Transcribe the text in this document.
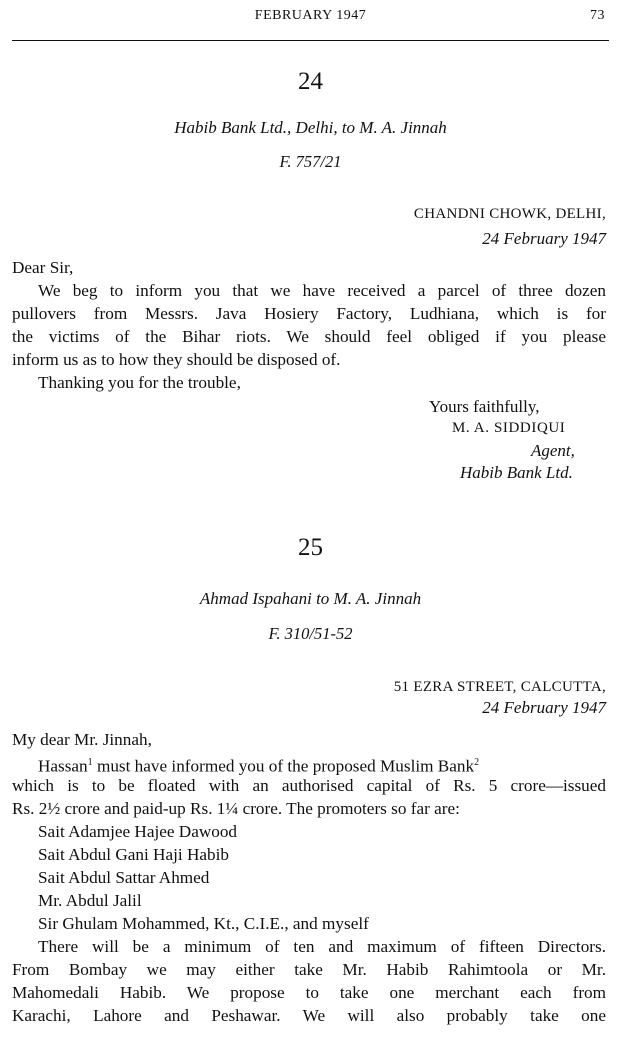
FEBRUARY 1947	73
24
Habib Bank Ltd., Delhi, to M. A. Jinnah
F. 757/21
CHANDNI CHOWK, DELHI,
24 February 1947
Dear Sir,
We beg to inform you that we have received a parcel of three dozen
pullovers from Messrs. Java Hosiery Factory, Ludhiana, which is for
the victims of the Bihar riots. We should feel obliged if you please
inform us as to how they should be disposed of.
Thanking you for the trouble,
Yours faithfully,
M. A. SIDDIQUI
Agent,
Habib Bank Ltd.
25
Ahmad Ispahani to M. A. Jinnah
F. 310/51-52
51 EZRA STREET, CALCUTTA,
24 February 1947
My dear Mr. Jinnah,
Hassan$^1$ must have informed you of the proposed Muslim Bank$^2$
which is to be floated with an authorised capital of Rs. 5 crore—issued
Rs. 2½ crore and paid-up Rs. 1¼ crore. The promoters so far are:
Sait Adamjee Hajee Dawood
Sait Abdul Gani Haji Habib
Sait Abdul Sattar Ahmed
Mr. Abdul Jalil
Sir Ghulam Mohammed, Kt., C.I.E., and myself
There will be a minimum of ten and maximum of fifteen Directors.
From Bombay we may either take Mr. Habib Rahimtoola or Mr.
Mahomedali Habib. We propose to take one merchant each from
Karachi, Lahore and Peshawar. We will also probably take one
